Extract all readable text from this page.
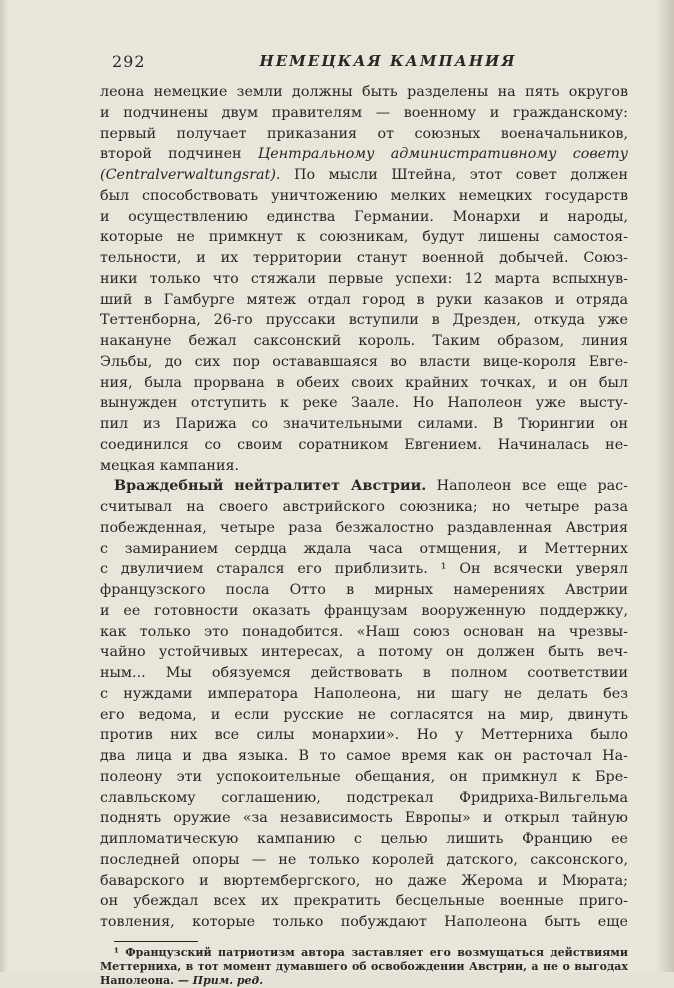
292	НЕМЕЦКАЯ КАМПАНИЯ
леона немецкие земли должны быть разделены на пять округов
и подчинены двум правителям — военному и гражданскому:
первый получает приказания от союзных военачальников,
второй подчинен Центральному административному совету
(Centralverwaltungsrat). По мысли Штейна, этот совет должен
был способствовать уничтожению мелких немецких государств
и осуществлению единства Германии. Монархи и народы,
которые не примкнут к союзникам, будут лишены самостоя-
тельности, и их территории станут военной добычей. Союз-
ники только что стяжали первые успехи: 12 марта вспыхнув-
ший в Гамбурге мятеж отдал город в руки казаков и отряда
Теттенборна, 26-го пруссаки вступили в Дрезден, откуда уже
накануне бежал саксонский король. Таким образом, линия
Эльбы, до сих пор остававшаяся во власти вице-короля Евге-
ния, была прорвана в обеих своих крайних точках, и он был
вынужден отступить к реке Заале. Но Наполеон уже высту-
пил из Парижа со значительными силами. В Тюрингии он
соединился со своим соратником Евгением. Начиналась не-
мецкая кампания.
Враждебный нейтралитет Австрии. Наполеон все еще рас-
считывал на своего австрийского союзника; но четыре раза
побежденная, четыре раза безжалостно раздавленная Австрия
с замиранием сердца ждала часа отмщения, и Меттерних
с двуличием старался его приблизить. ¹ Он всячески уверял
французского посла Отто в мирных намерениях Австрии
и ее готовности оказать французам вооруженную поддержку,
как только это понадобится. «Наш союз основан на чрезвы-
чайно устойчивых интересах, а потому он должен быть веч-
ным... Мы обязуемся действовать в полном соответствии
с нуждами императора Наполеона, ни шагу не делать без
его ведома, и если русские не согласятся на мир, двинуть
против них все силы монархии». Но у Меттерниха было
два лица и два языка. В то самое время как он расточал На-
полеону эти успокоительные обещания, он примкнул к Бре-
славльскому соглашению, подстрекал Фридриха-Вильгельма
поднять оружие «за независимость Европы» и открыл тайную
дипломатическую кампанию с целью лишить Францию ее
последней опоры — не только королей датского, саксонского,
баварского и вюртембергского, но даже Жерома и Мюрата;
он убеждал всех их прекратить бесцельные военные приго-
товления, которые только побуждают Наполеона быть еще
¹ Французский патриотизм автора заставляет его возмущаться действиями
Меттерниха, в тот момент думавшего об освобождении Австрии, а не о выгодах
Наполеона. — Прим. ред.
